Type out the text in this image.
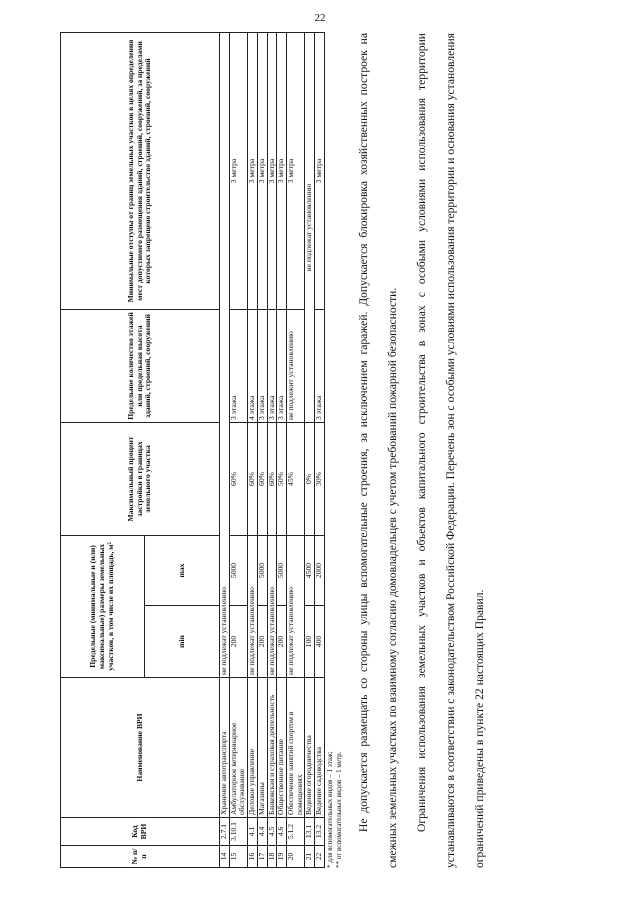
22
№ п/п	Код ВРИ	Наименование ВРИ	Предельные (минимальные и (или) максимальные) размеры земельных участков, в том числе их площадь, м²		Максимальный процент застройки в границах земельного участка	Предельное количество этажей или предельная высота зданий, строений, сооружений	Минимальные отступы от границ земельных участков в целях определения мест допустимого размещения зданий, строений, сооружений, за пределами которых запрещено строительство зданий, строений, сооружений
			min	max			
14	2.7.1	Хранение автотранспорта	не подлежат установлению				
15	3.10.1	Амбулаторное ветеринарное обслуживание	200	5000	60%	3 этажа	3 метра
16	4.1	Деловое управление	не подлежат установлению		60%	4 этажа	3 метра
17	4.4	Магазины	200	5000	60%	3 этажа	3 метра
18	4.5	Банковская и страховая деятельность	не подлежат установлению		60%	3 этажа	3 метра
19	4.6	Общественное питание	200	5000	50%	3 этажа	3 метра
20	5.1.2	Обеспечение занятий спортом в помещениях	не подлежат установлению		45%	не подлежит установлению	3 метра
21	13.1	Ведение огородничества	100	4500	0%	не подлежат установлению	
22	13.2	Ведение садоводства	400	2000	30%	3 этажа	3 метра
* для вспомогательных видов – 1 этаж; ** от вспомогательных видов – 1 метр.	Не допускается размещать со стороны улицы вспомогательные строения, за исключением гаражей. Допускается блокировка хозяйственных построек на смежных земельных участках по взаимному согласию домовладельцев с учетом требований пожарной безопасности.	Ограничения использования земельных участков и объектов капитального строительства в зонах с особыми условиями использования территории устанавливаются в соответствии с законодательством Российской Федерации. Перечень зон с особыми условиями использования территории и основания установления ограничений приведены в пункте 22 настоящих Правил.
